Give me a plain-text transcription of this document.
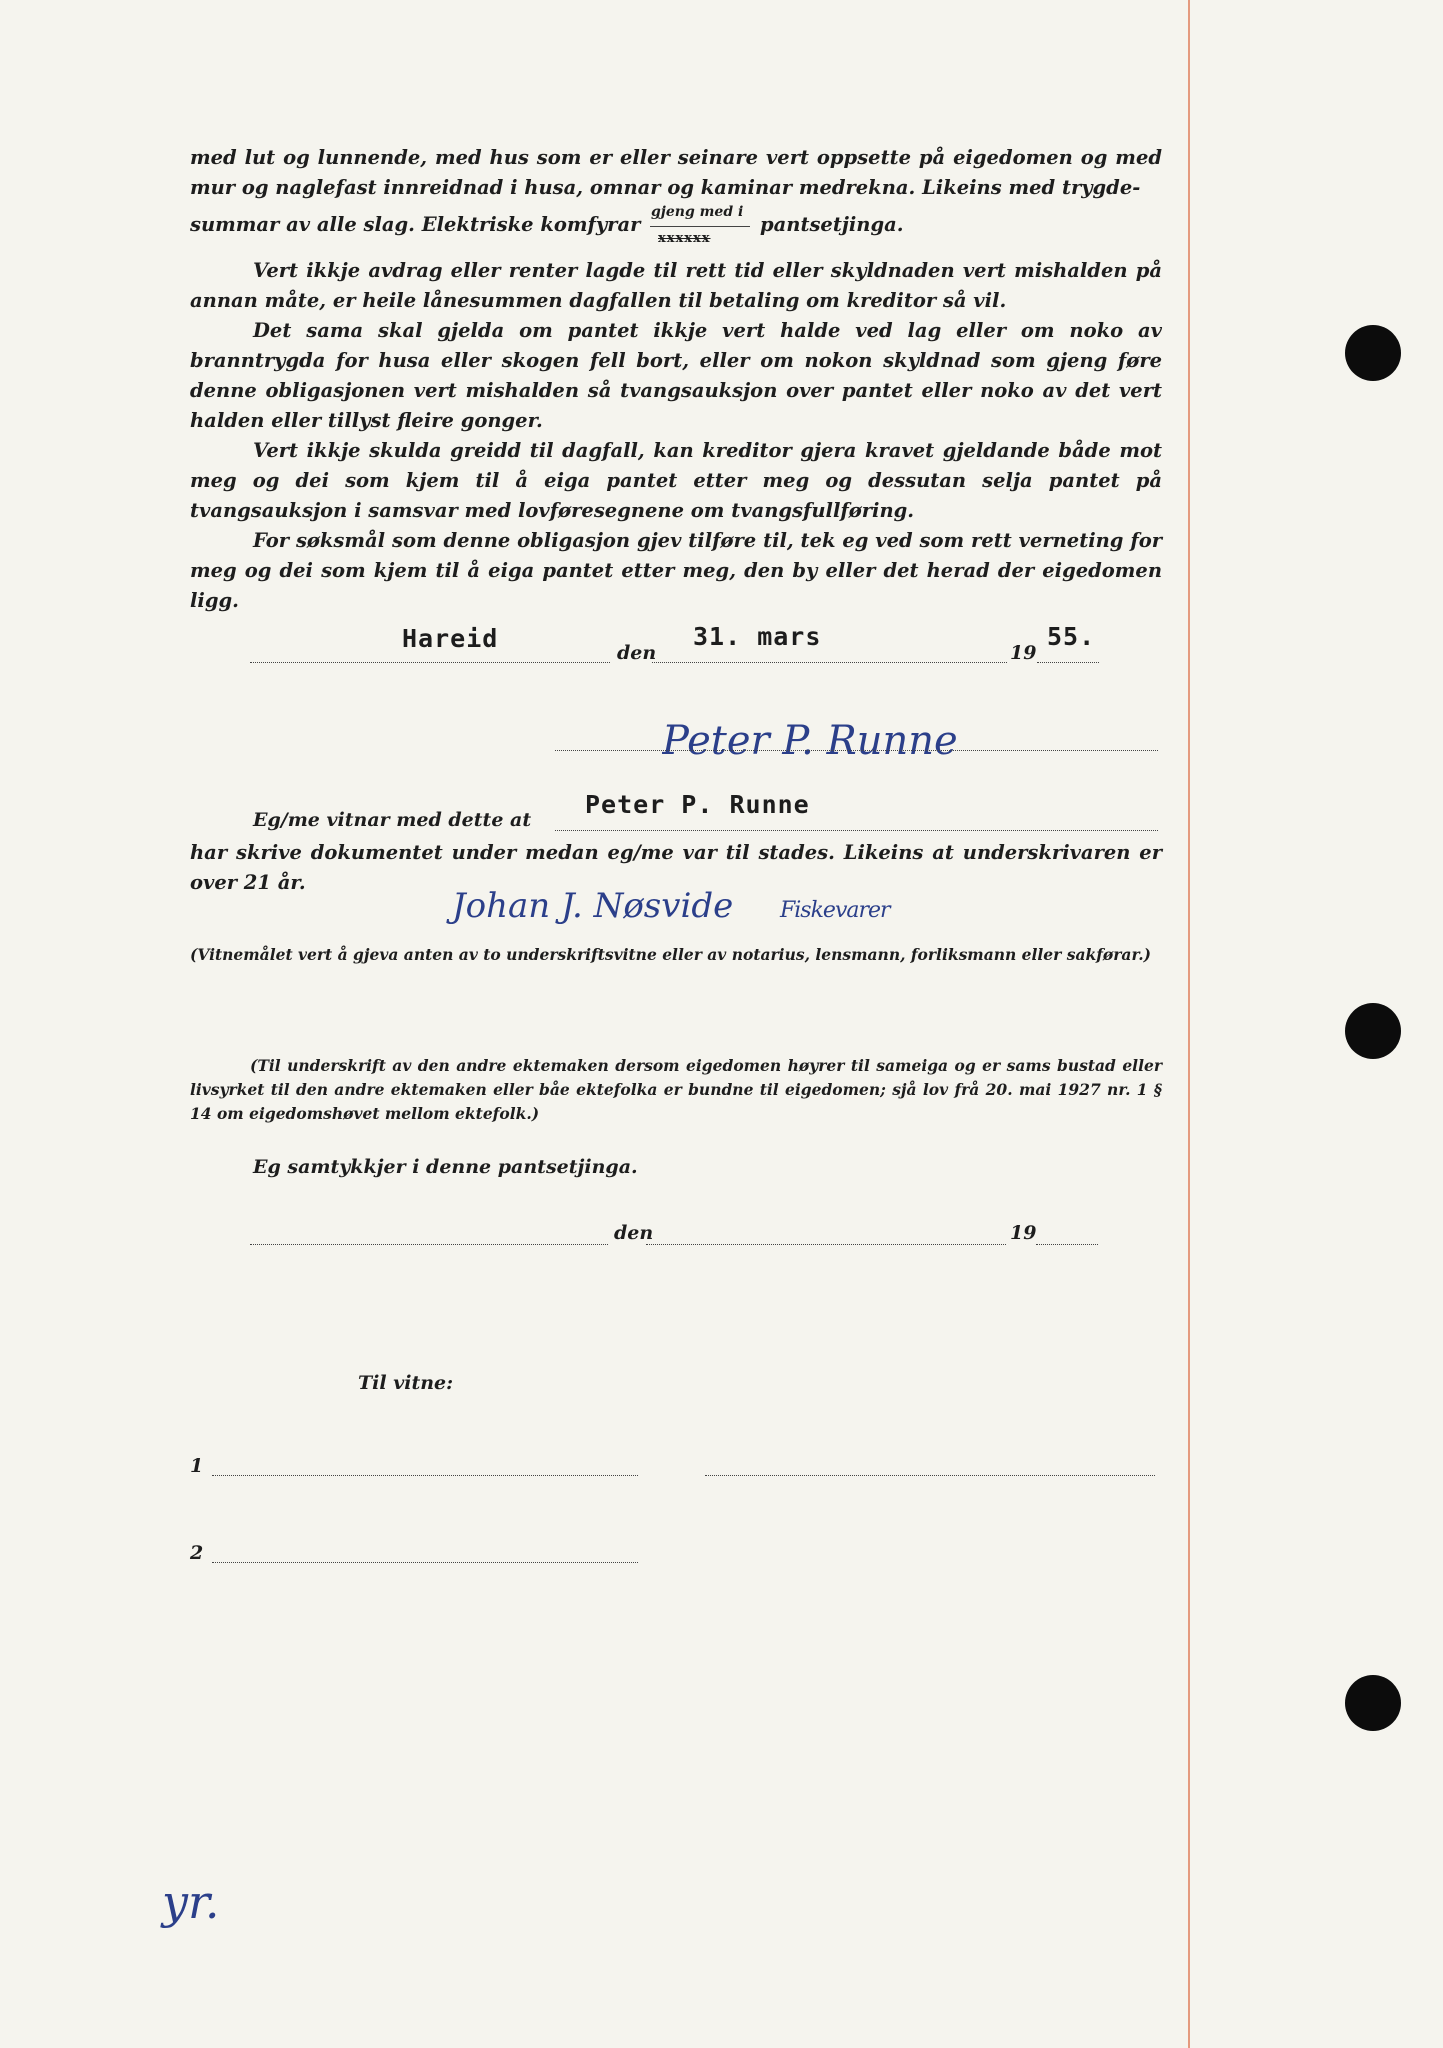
med lut og lunnende, med hus som er eller seinare vert oppsette på eigedomen og med mur og naglefast innreidnad i husa, omnar og kaminar medrekna. Likeins med trygde-

summar av alle slag. Elektriske komfyrar
gjeng med i
xxxxxx
pantsetjinga.

Vert ikkje avdrag eller renter lagde til rett tid eller skyldnaden vert mishalden på annan måte, er heile lånesummen dagfallen til betaling om kreditor så vil.

Det sama skal gjelda om pantet ikkje vert halde ved lag eller om noko av branntrygda for husa eller skogen fell bort, eller om nokon skyldnad som gjeng føre denne obligasjonen vert mishalden så tvangsauksjon over pantet eller noko av det vert halden eller tillyst fleire gonger.

Vert ikkje skulda greidd til dagfall, kan kreditor gjera kravet gjeldande både mot meg og dei som kjem til å eiga pantet etter meg og dessutan selja pantet på tvangsauksjon i samsvar med lovføresegnene om tvangsfullføring.

For søksmål som denne obligasjon gjev tilføre til, tek eg ved som rett verneting for meg og dei som kjem til å eiga pantet etter meg, den by eller det herad der eigedomen ligg.

Hareid	den
31. mars
19
55.
Peter P. Runne
Eg/me vitnar med dette at
Peter P. Runne

har skrive dokumentet under medan eg/me var til stades. Likeins at underskrivaren er over 21 år.

Johan J. Nøsvide Fiskevarer
(Vitnemålet vert å gjeva anten av to underskriftsvitne eller av notarius, lensmann, forliksmann eller sakførar.)
(Til underskrift av den andre ektemaken dersom eigedomen høyrer til sameiga og er sams bustad eller livsyrket til den andre ektemaken eller båe ektefolka er bundne til eigedomen; sjå lov frå 20. mai 1927 nr. 1 § 14 om eigedomshøvet mellom ektefolk.)
Eg samtykkjer i denne pantsetjinga.
den	19
Til vitne:
1
2
yr.
